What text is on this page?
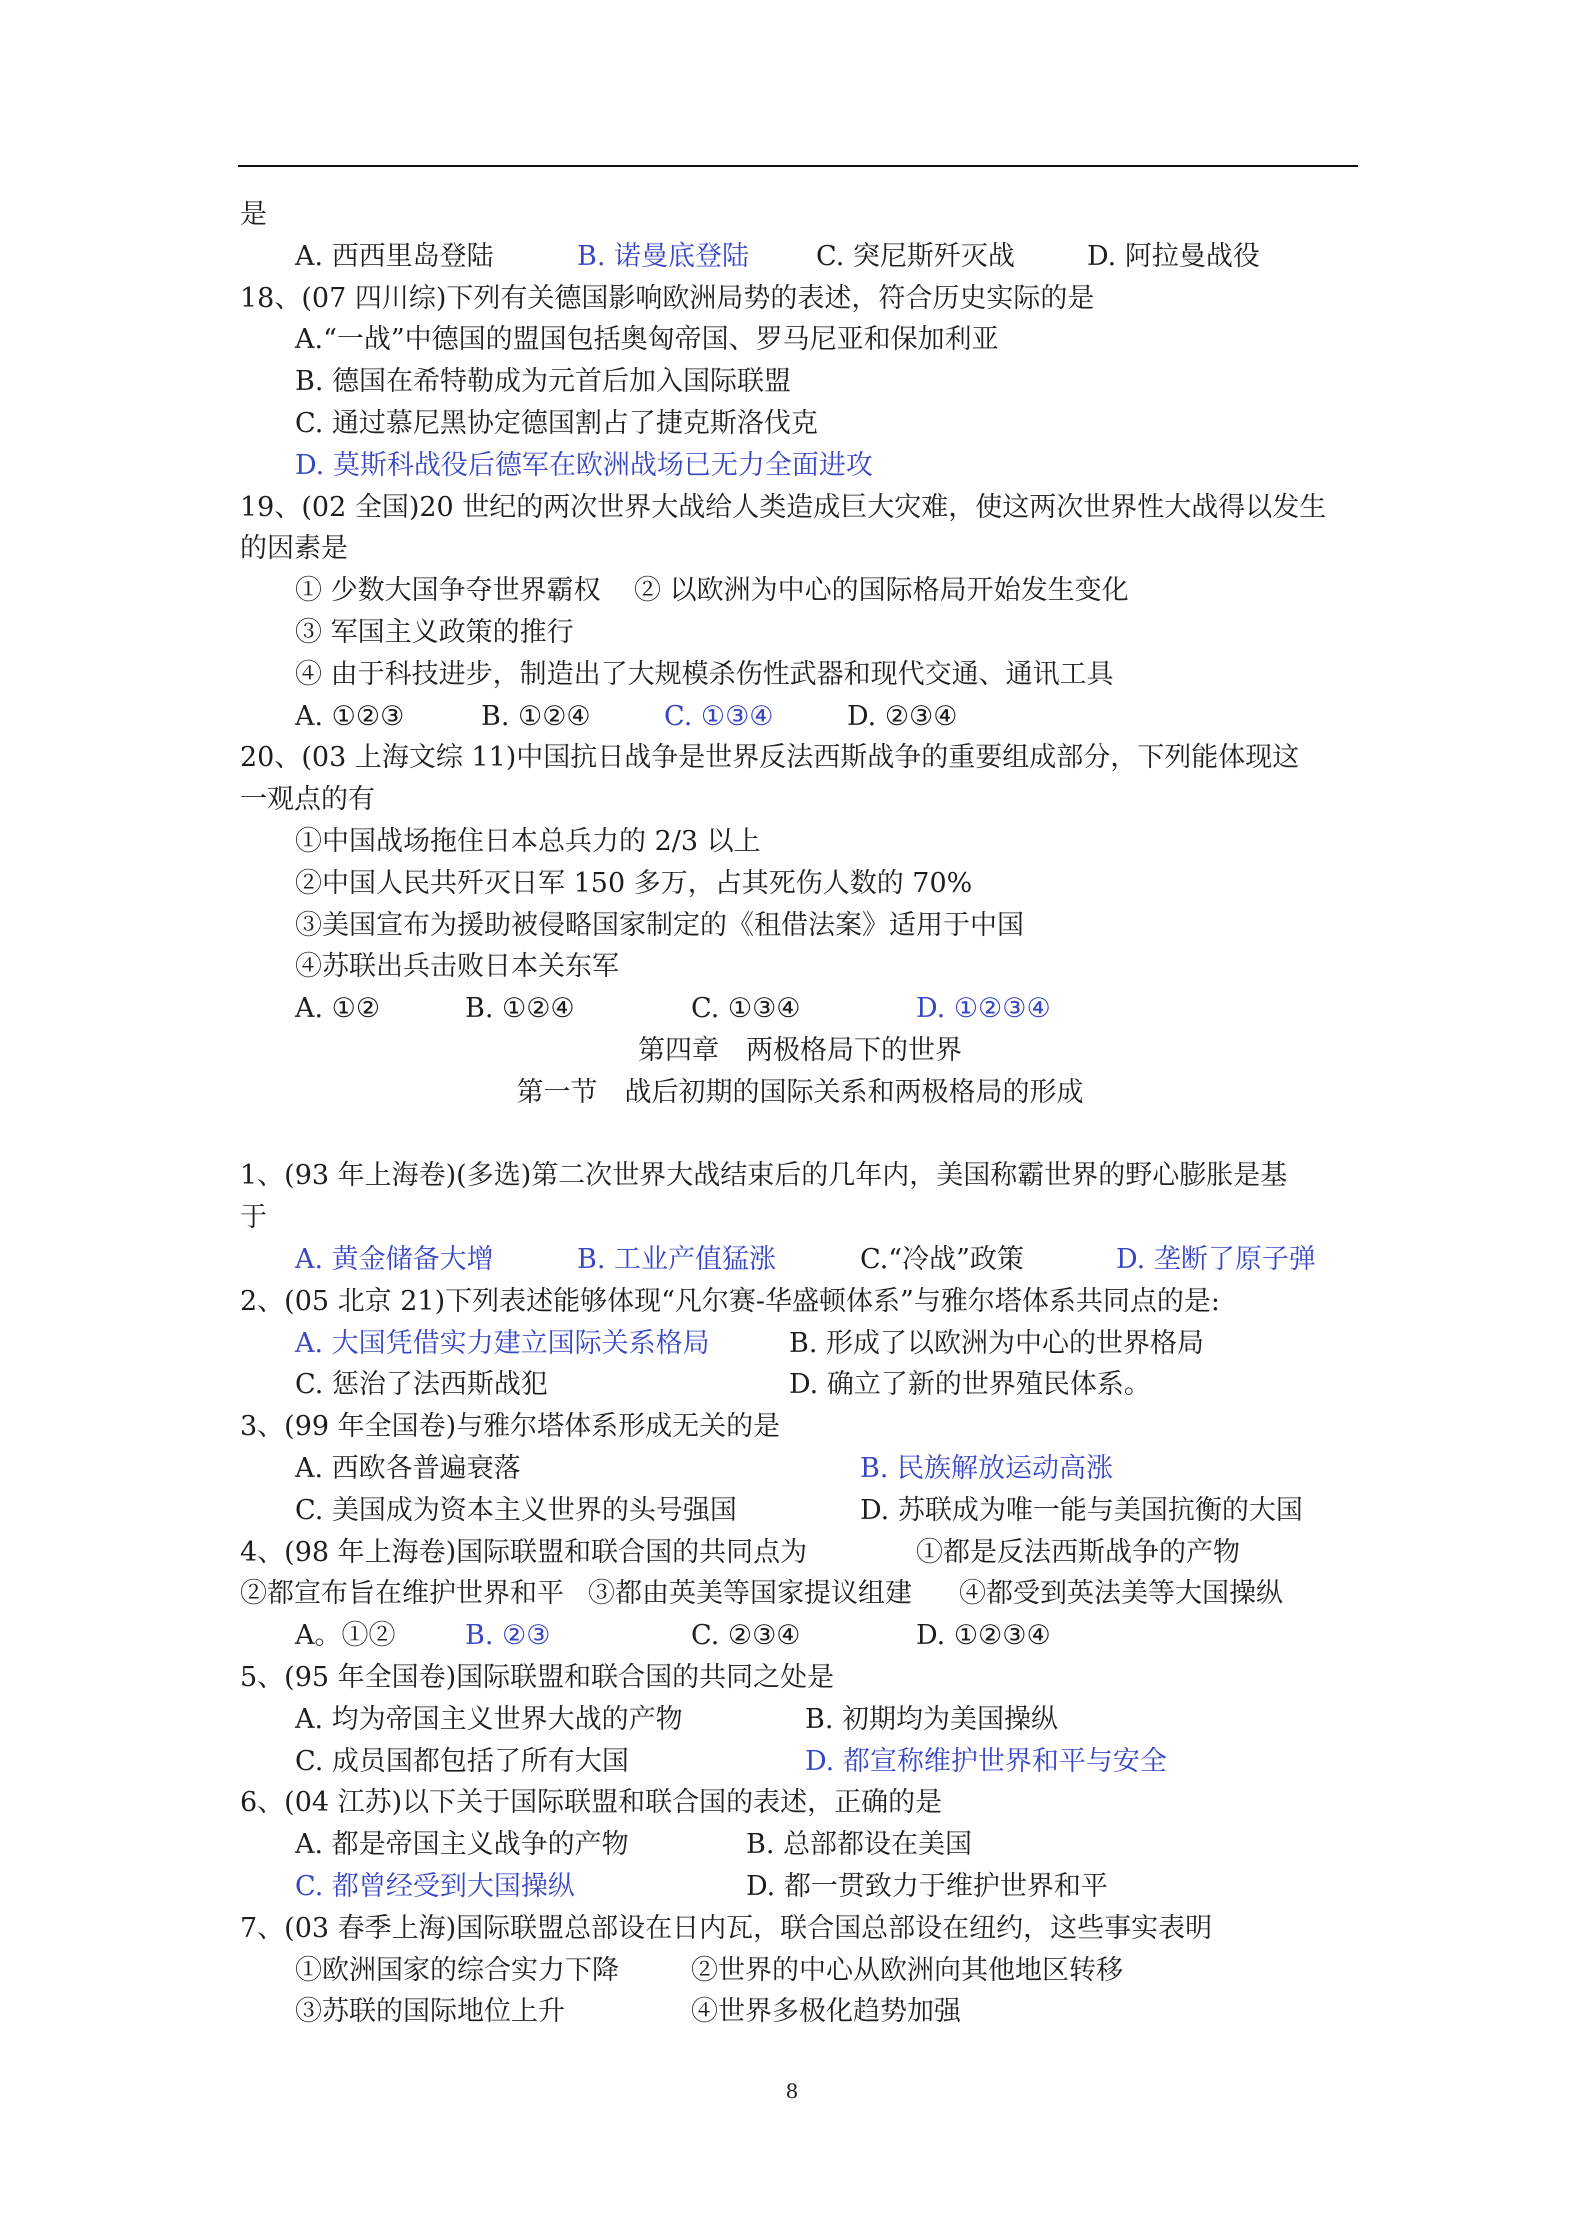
是
A. 西西里岛登陆	B. 诺曼底登陆 C. 突尼斯歼灭战	D. 阿拉曼战役
18、(07 四川综)下列有关德国影响欧洲局势的表述，符合历史实际的是
A.“一战”中德国的盟国包括奥匈帝国、罗马尼亚和保加利亚
B. 德国在希特勒成为元首后加入国际联盟
C. 通过慕尼黑协定德国割占了捷克斯洛伐克
D. 莫斯科战役后德军在欧洲战场已无力全面进攻
19、(02 全国)20 世纪的两次世界大战给人类造成巨大灾难，使这两次世界性大战得以发生
的因素是
① 少数大国争夺世界霸权 ② 以欧洲为中心的国际格局开始发生变化
③ 军国主义政策的推行
④ 由于科技进步，制造出了大规模杀伤性武器和现代交通、通讯工具
A. ①②③	B. ①②④	C. ①③④	D. ②③④
20、(03 上海文综 11)中国抗日战争是世界反法西斯战争的重要组成部分，下列能体现这
一观点的有
①中国战场拖住日本总兵力的 2/3 以上
②中国人民共歼灭日军 150 多万，占其死伤人数的 70%
③美国宣布为援助被侵略国家制定的《租借法案》适用于中国
④苏联出兵击败日本关东军
A. ①②	B. ①②④	C. ①③④	D. ①②③④
第四章　两极格局下的世界
第一节　战后初期的国际关系和两极格局的形成
1、(93 年上海卷)(多选)第二次世界大战结束后的几年内，美国称霸世界的野心膨胀是基
于
A. 黄金储备大增	B. 工业产值猛涨	C.“冷战”政策	D. 垄断了原子弹
2、(05 北京 21)下列表述能够体现“凡尔赛-华盛顿体系”与雅尔塔体系共同点的是:
A. 大国凭借实力建立国际关系格局	B. 形成了以欧洲为中心的世界格局
C. 惩治了法西斯战犯	D. 确立了新的世界殖民体系。
3、(99 年全国卷)与雅尔塔体系形成无关的是
A. 西欧各普遍衰落	B. 民族解放运动高涨
C. 美国成为资本主义世界的头号强国	D. 苏联成为唯一能与美国抗衡的大国
4、(98 年上海卷)国际联盟和联合国的共同点为	①都是反法西斯战争的产物
②都宣布旨在维护世界和平 ③都由英美等国家提议组建 ④都受到英法美等大国操纵
A。①②	B. ②③	C. ②③④	D. ①②③④
5、(95 年全国卷)国际联盟和联合国的共同之处是
A. 均为帝国主义世界大战的产物	B. 初期均为美国操纵
C. 成员国都包括了所有大国	D. 都宣称维护世界和平与安全
6、(04 江苏)以下关于国际联盟和联合国的表述，正确的是
A. 都是帝国主义战争的产物	B. 总部都设在美国
C. 都曾经受到大国操纵	D. 都一贯致力于维护世界和平
7、(03 春季上海)国际联盟总部设在日内瓦，联合国总部设在纽约，这些事实表明
①欧洲国家的综合实力下降	②世界的中心从欧洲向其他地区转移
③苏联的国际地位上升	④世界多极化趋势加强
8
